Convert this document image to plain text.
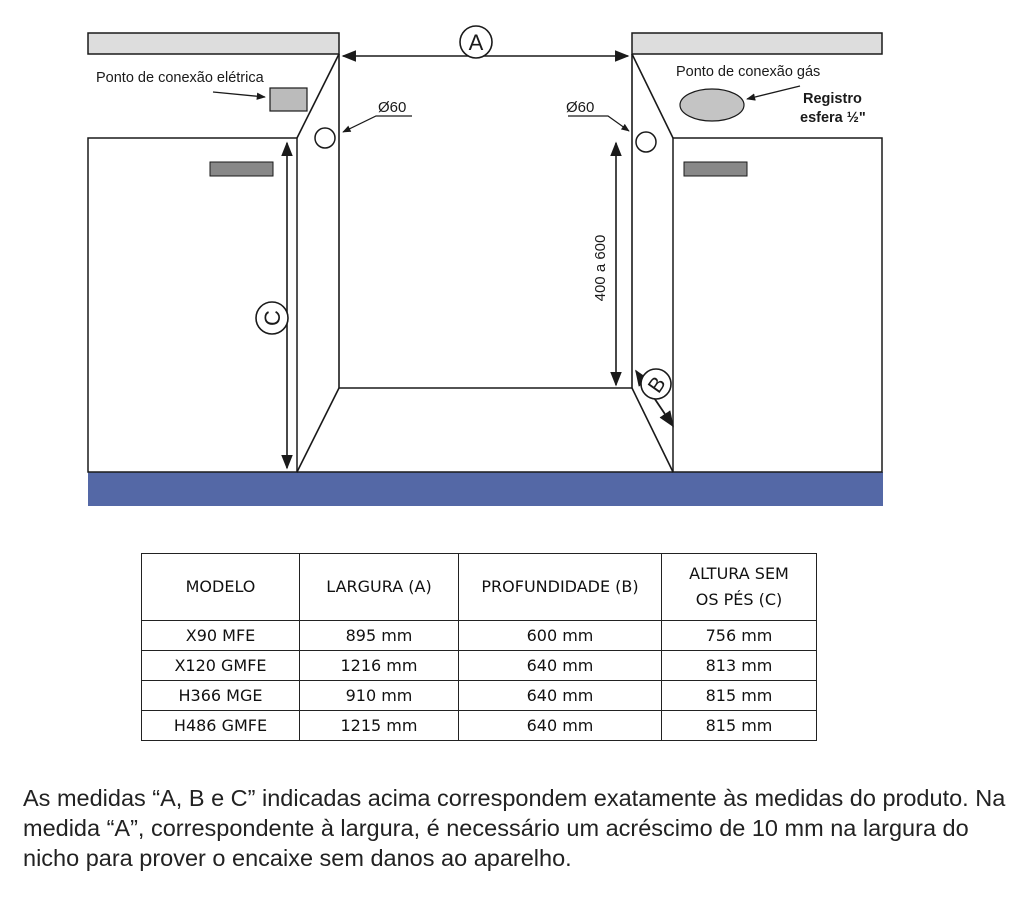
Ø60	Ø60
Ponto de conexão elétrica	Ponto de conexão gás
Registro
esfera ½"
A
C
400 a 600
B
MODELO	LARGURA (A)	PROFUNDIDADE (B)	ALTURA SEM
OS PÉS (C)
X90 MFE	895 mm	600 mm	756 mm
X120 GMFE	1216 mm	640 mm	813 mm
H366 MGE	910 mm	640 mm	815 mm
H486 GMFE	1215 mm	640 mm	815 mm

As medidas “A, B e C” indicadas acima correspondem exatamente às medidas do produto. Na medida “A”, correspondente à largura, é necessário um acréscimo de 10 mm na largura do nicho para prover o encaixe sem danos ao aparelho.
